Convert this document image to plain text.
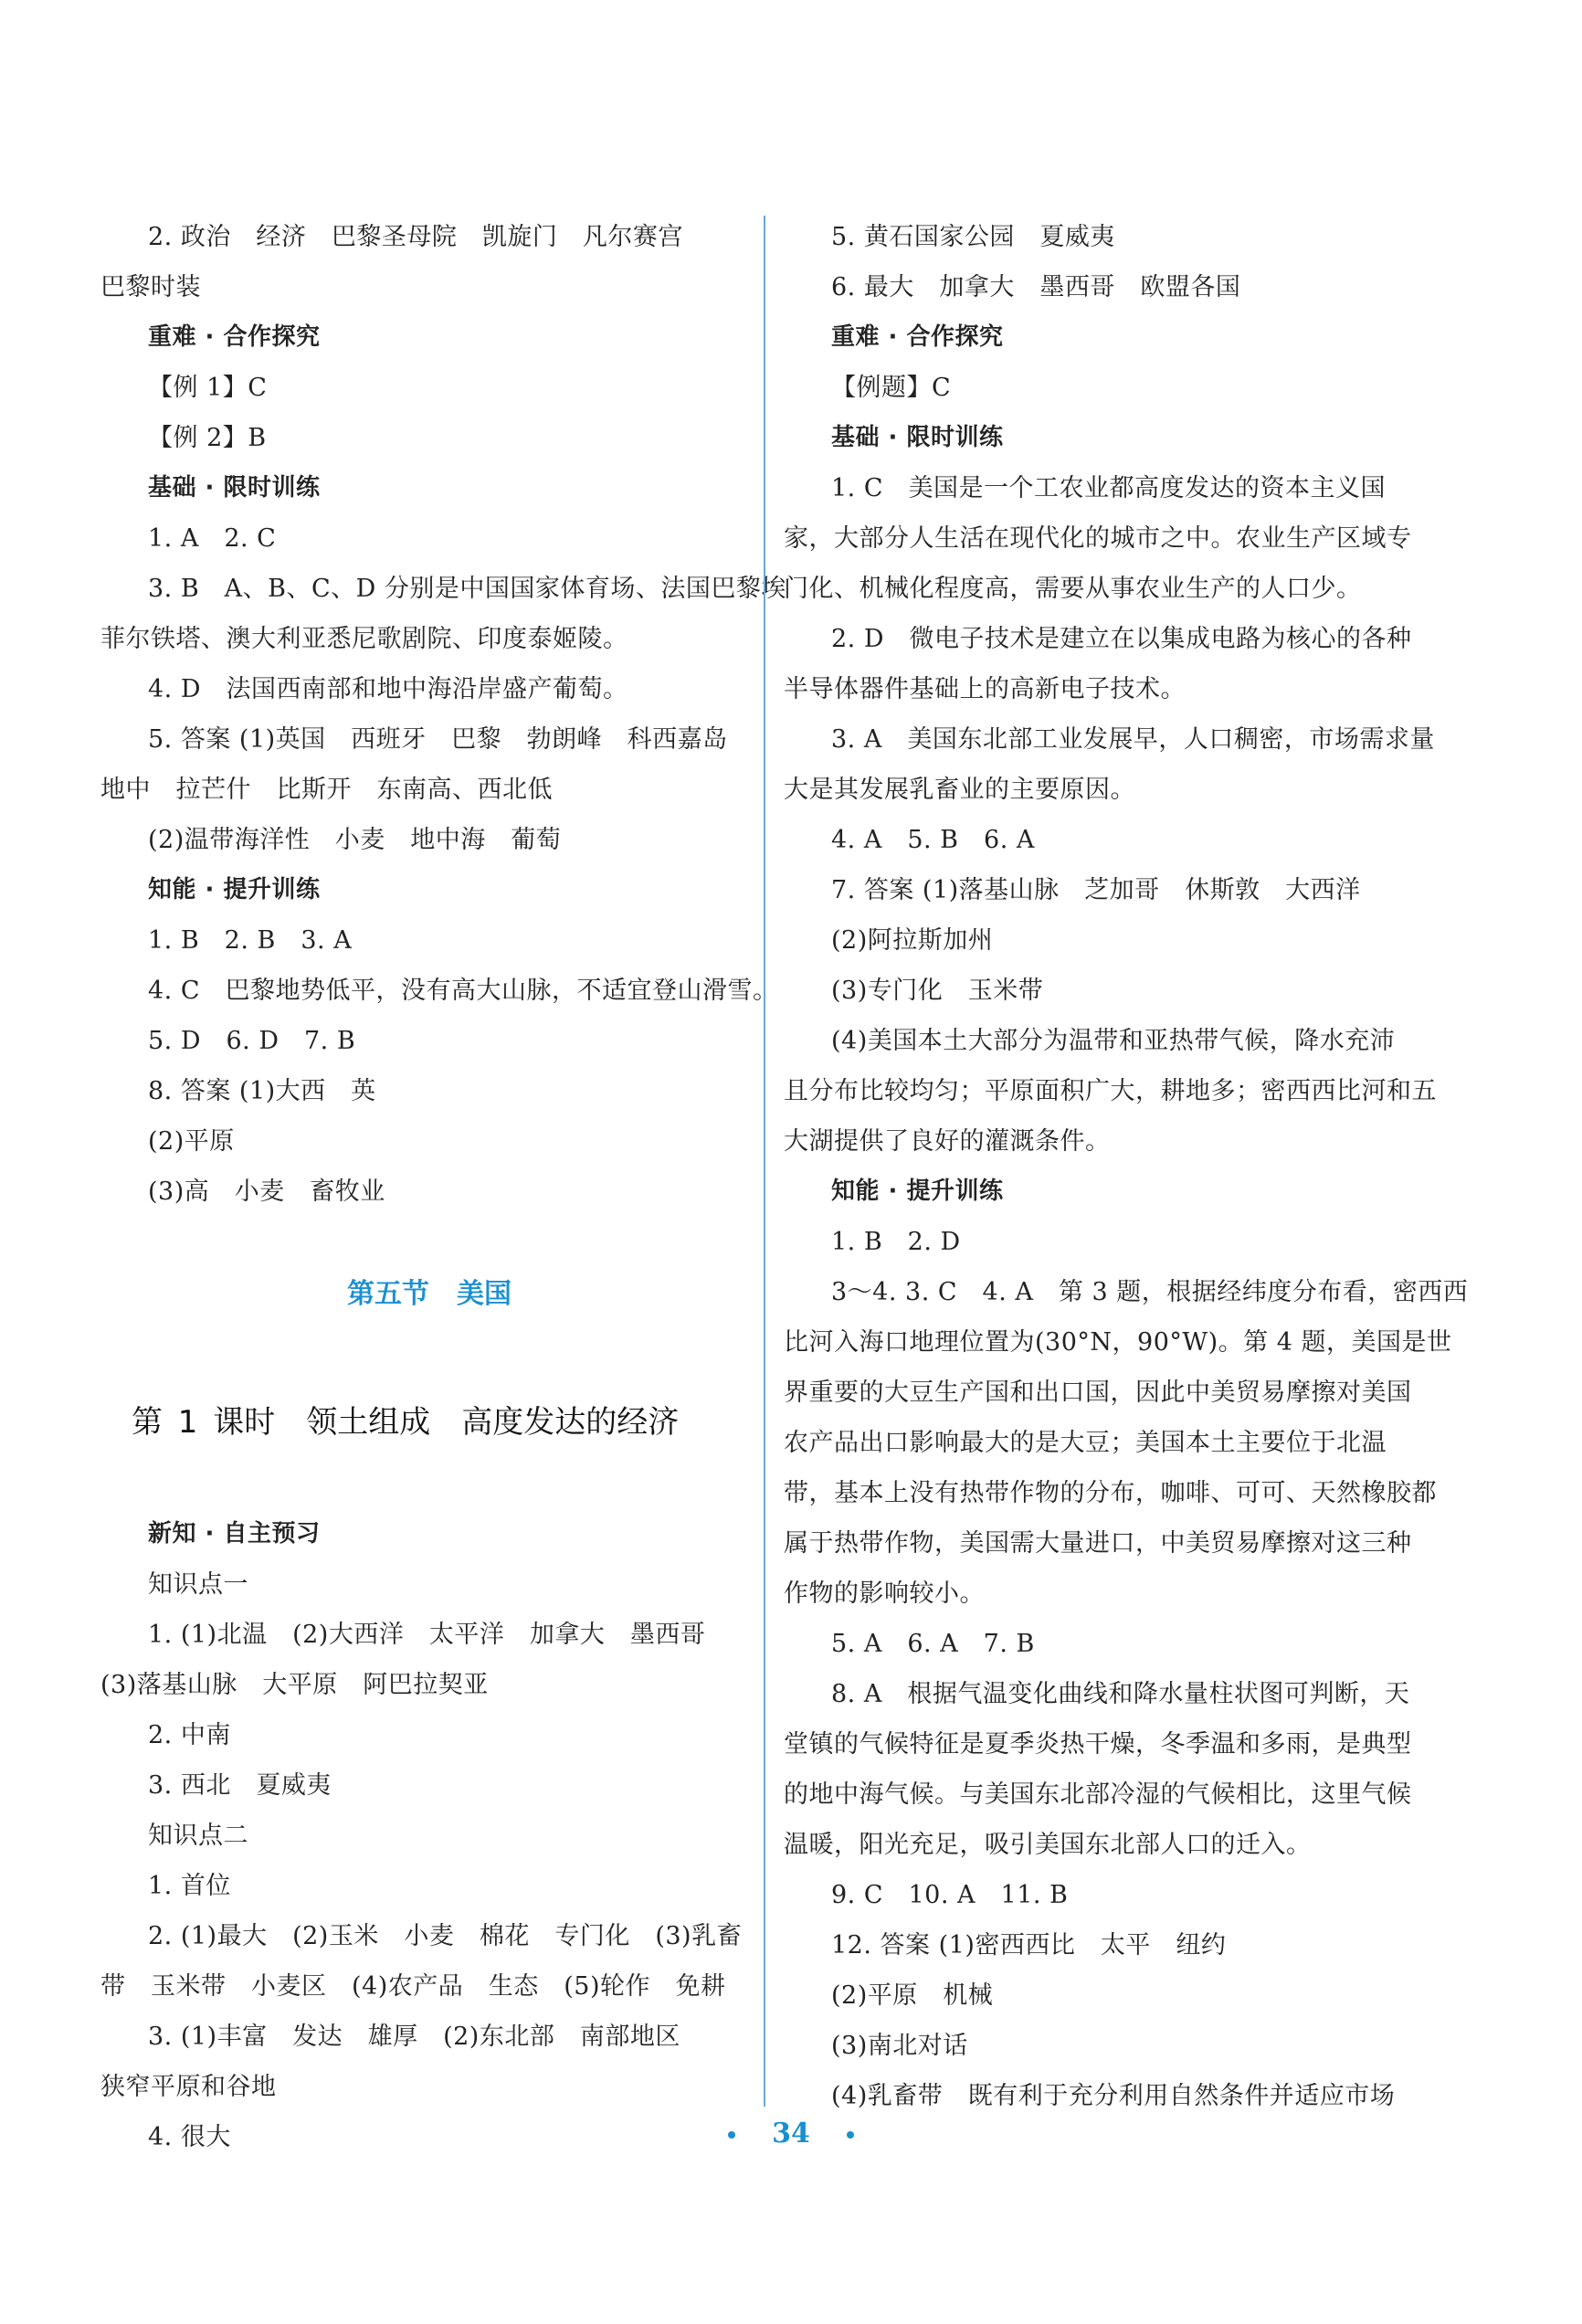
2. 政治　经济　巴黎圣母院　凯旋门　凡尔赛宫
巴黎时装
重难 · 合作探究
【例 1】C
【例 2】B
基础 · 限时训练
1. A　2. C
3. B　A、B、C、D 分别是中国国家体育场、法国巴黎埃
菲尔铁塔、澳大利亚悉尼歌剧院、印度泰姬陵。
4. D　法国西南部和地中海沿岸盛产葡萄。
5. 答案 (1)英国　西班牙　巴黎　勃朗峰　科西嘉岛
地中　拉芒什　比斯开　东南高、西北低
(2)温带海洋性　小麦　地中海　葡萄
知能 · 提升训练
1. B　2. B　3. A
4. C　巴黎地势低平，没有高大山脉，不适宜登山滑雪。
5. D　6. D　7. B
8. 答案 (1)大西　英
(2)平原
(3)高　小麦　畜牧业
第五节　美国
第 1 课时　领土组成　高度发达的经济
新知 · 自主预习
知识点一
1. (1)北温　(2)大西洋　太平洋　加拿大　墨西哥
(3)落基山脉　大平原　阿巴拉契亚
2. 中南
3. 西北　夏威夷
知识点二
1. 首位
2. (1)最大　(2)玉米　小麦　棉花　专门化　(3)乳畜
带　玉米带　小麦区　(4)农产品　生态　(5)轮作　免耕
3. (1)丰富　发达　雄厚　(2)东北部　南部地区
狭窄平原和谷地
4. 很大
5. 黄石国家公园　夏威夷
6. 最大　加拿大　墨西哥　欧盟各国
重难 · 合作探究
【例题】C
基础 · 限时训练
1. C　美国是一个工农业都高度发达的资本主义国
家，大部分人生活在现代化的城市之中。农业生产区域专
门化、机械化程度高，需要从事农业生产的人口少。
2. D　微电子技术是建立在以集成电路为核心的各种
半导体器件基础上的高新电子技术。
3. A　美国东北部工业发展早，人口稠密，市场需求量
大是其发展乳畜业的主要原因。
4. A　5. B　6. A
7. 答案 (1)落基山脉　芝加哥　休斯敦　大西洋
(2)阿拉斯加州
(3)专门化　玉米带
(4)美国本土大部分为温带和亚热带气候，降水充沛
且分布比较均匀；平原面积广大，耕地多；密西西比河和五
大湖提供了良好的灌溉条件。
知能 · 提升训练
1. B　2. D
3～4. 3. C　4. A　第 3 题，根据经纬度分布看，密西西
比河入海口地理位置为(30°N，90°W)。第 4 题，美国是世
界重要的大豆生产国和出口国，因此中美贸易摩擦对美国
农产品出口影响最大的是大豆；美国本土主要位于北温
带，基本上没有热带作物的分布，咖啡、可可、天然橡胶都
属于热带作物，美国需大量进口，中美贸易摩擦对这三种
作物的影响较小。
5. A　6. A　7. B
8. A　根据气温变化曲线和降水量柱状图可判断，天
堂镇的气候特征是夏季炎热干燥，冬季温和多雨，是典型
的地中海气候。与美国东北部冷湿的气候相比，这里气候
温暖，阳光充足，吸引美国东北部人口的迁入。
9. C　10. A　11. B
12. 答案 (1)密西西比　太平　纽约
(2)平原　机械
(3)南北对话
(4)乳畜带　既有利于充分利用自然条件并适应市场
34
